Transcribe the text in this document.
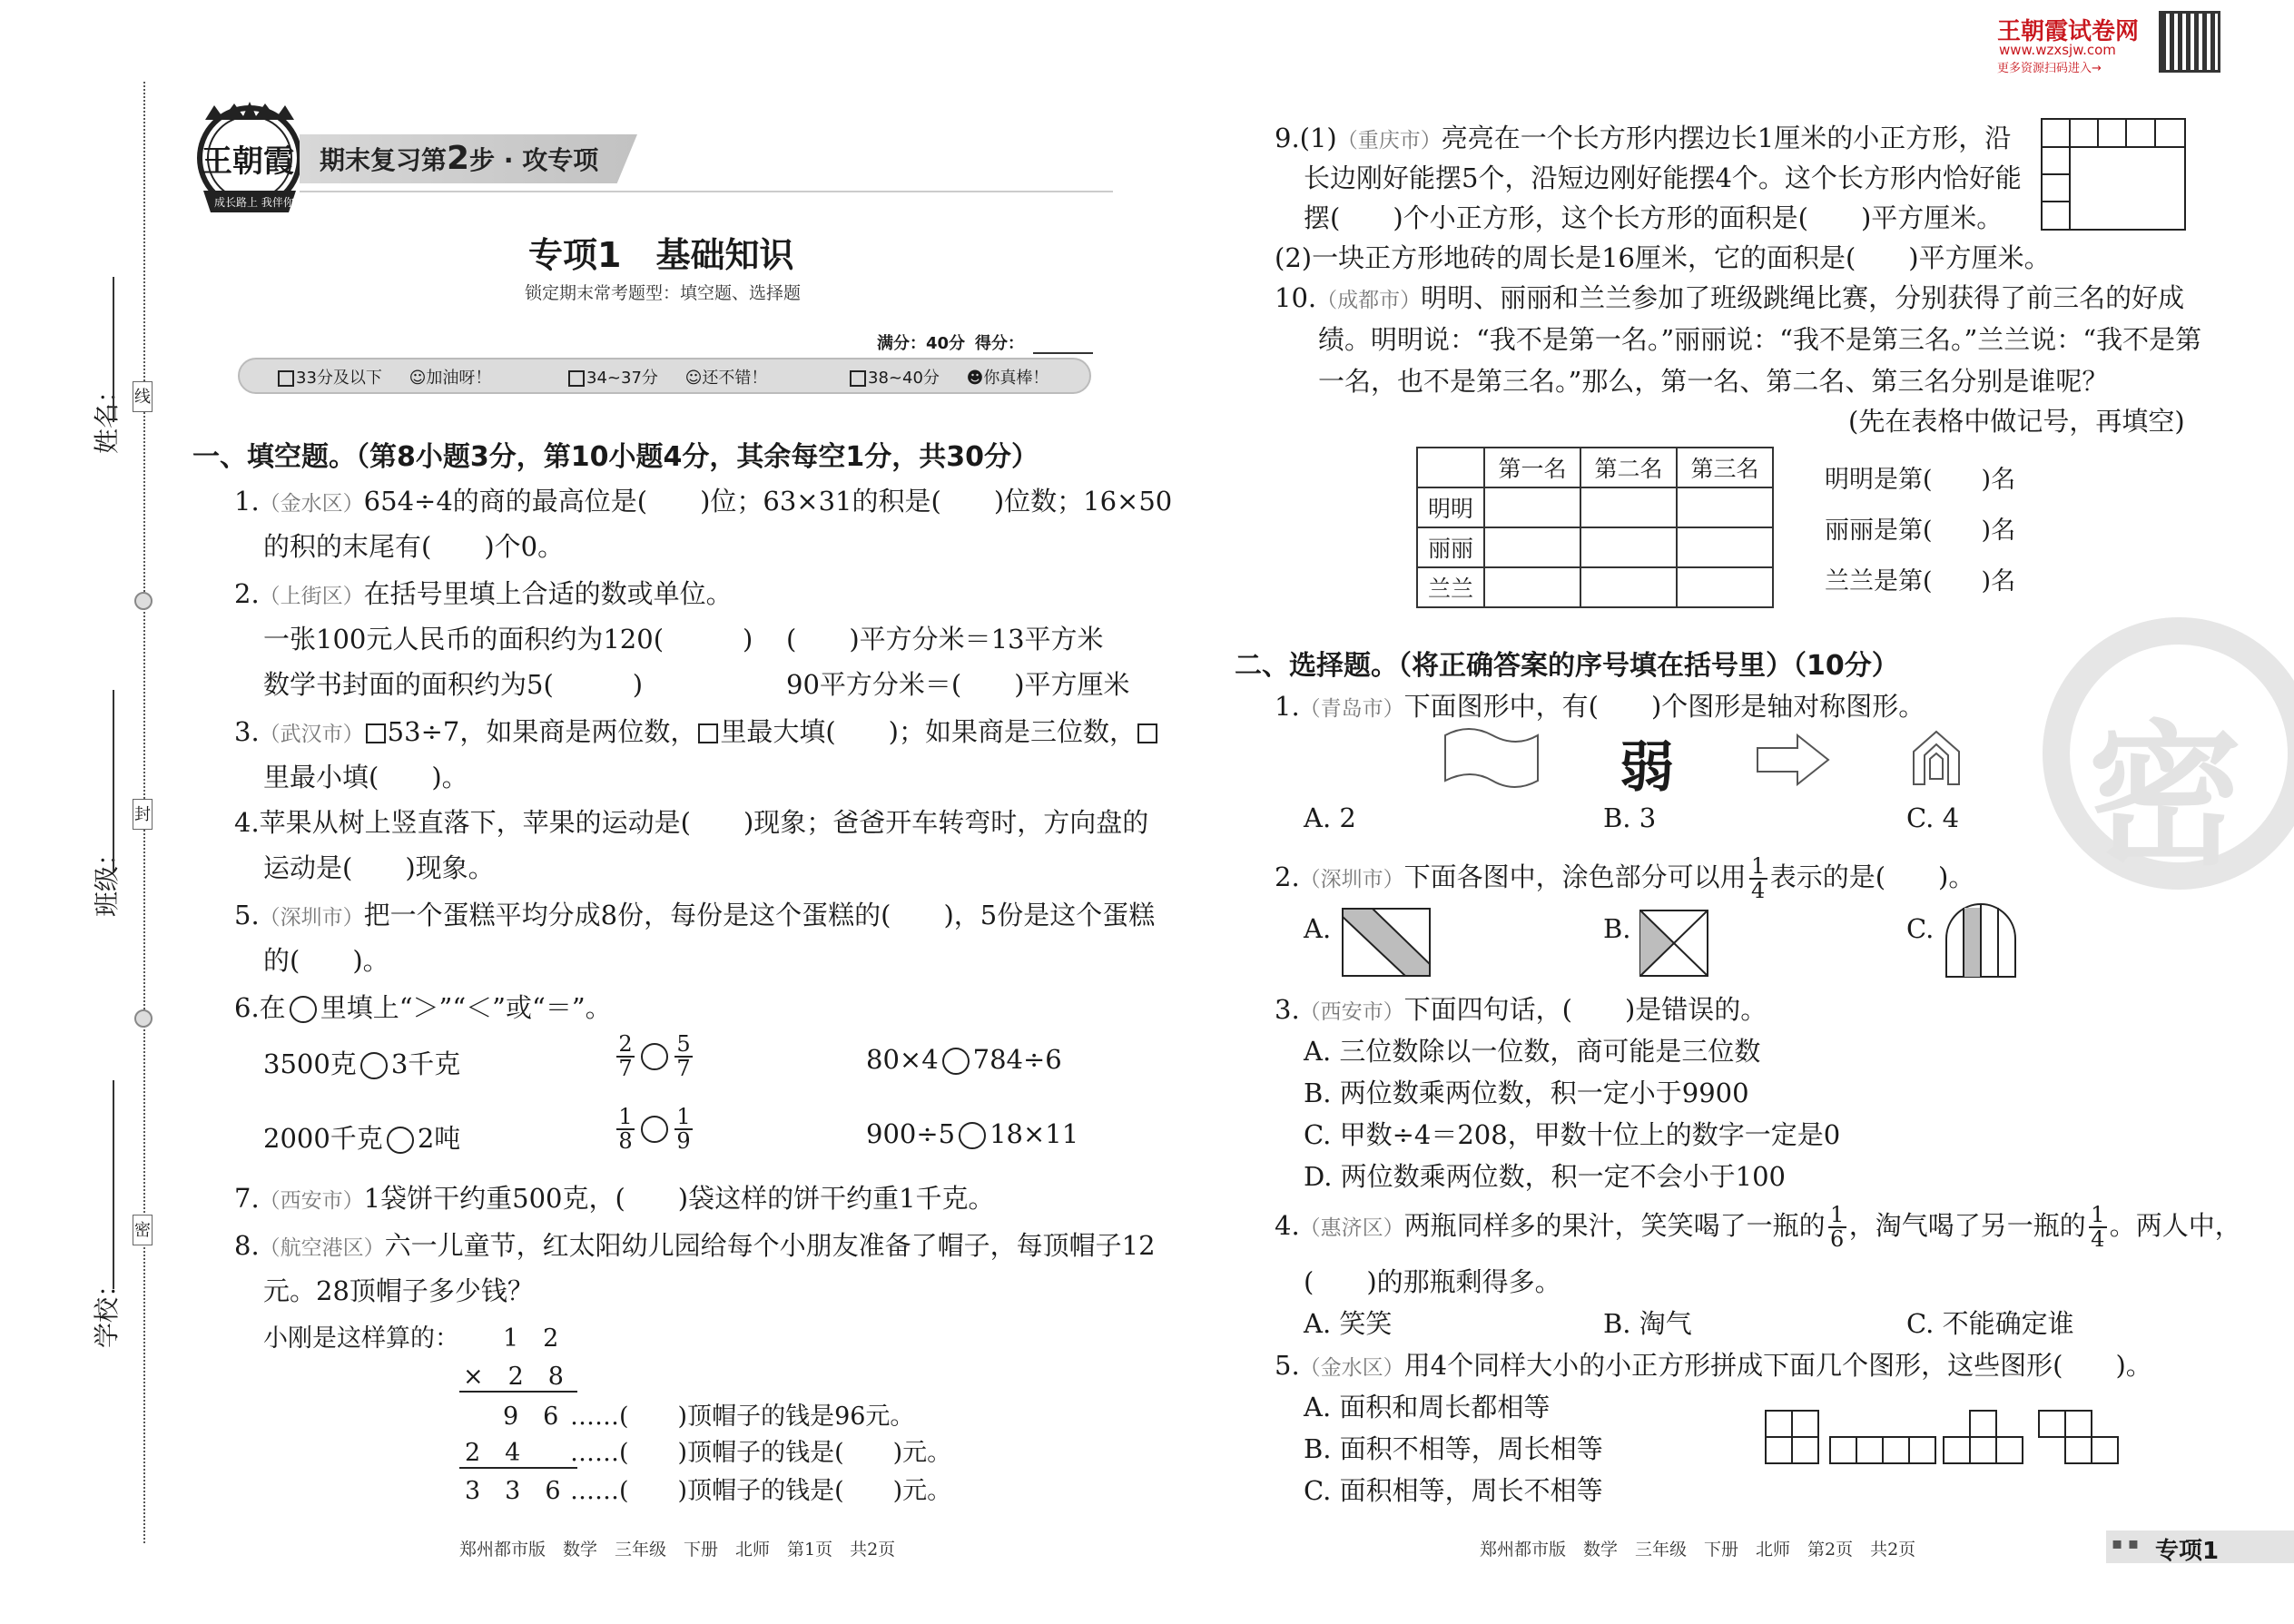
姓名： 线
班级：
封
学校：
密
王朝霞
成长路上 我伴你
期末复习第2步 · 攻专项
专项1　基础知识
锁定期末常考题型：填空题、选择题
满分：40分 得分：
33分及以下 ☺加油呀！	34~37分 ☺还不错！	38~40分 ☻你真棒！
王朝霞试卷网
www.wzxsjw.com
更多资源扫码进入→
密
一、填空题。（第8小题3分，第10小题4分，其余每空1分，共30分）
1.（金水区）654÷4的商的最高位是(　　)位；63×31的积是(　　)位数；16×50
的积的末尾有(　　)个0。
2.（上街区）在括号里填上合适的数或单位。
一张100元人民币的面积约为120(　　　) (　　)平方分米＝13平方米
数学书封面的面积约为5(　　　)	90平方分米＝(　　)平方厘米
3.（武汉市） 53÷7，如果商是两位数， 里最大填(　　)；如果商是三位数，
里最小填(　　)。
4.苹果从树上竖直落下，苹果的运动是(　　)现象；爸爸开车转弯时，方向盘的
运动是(　　)现象。
5.（深圳市）把一个蛋糕平均分成8份，每份是这个蛋糕的(　　)，5份是这个蛋糕
的(　　)。
6.在 里填上“＞”“＜”或“＝”。
3500克 3千克	$\frac{2}{7} \frac{5}{7}$	80×4 784÷6
2000千克 2吨	$\frac{1}{8} \frac{1}{9}$	900÷5 18×11
7.（西安市）1袋饼干约重500克，(　　)袋这样的饼干约重1千克。
8.（航空港区）六一儿童节，红太阳幼儿园给每个小朋友准备了帽子，每顶帽子12
元。28顶帽子多少钱？
小刚是这样算的： 1　2
×　2　8
9　6 ……(　　)顶帽子的钱是96元。
2　4 ……(　　)顶帽子的钱是(　　)元。
3　3　6 ……(　　)顶帽子的钱是(　　)元。
郑州都市版　数学　三年级　下册　北师　第1页　共2页
9.(1)（重庆市）亮亮在一个长方形内摆边长1厘米的小正方形，沿
长边刚好能摆5个，沿短边刚好能摆4个。这个长方形内恰好能
摆(　　)个小正方形，这个长方形的面积是(　　)平方厘米。
(2)一块正方形地砖的周长是16厘米，它的面积是(　　)平方厘米。
10.（成都市）明明、丽丽和兰兰参加了班级跳绳比赛，分别获得了前三名的好成
绩。明明说：“我不是第一名。”丽丽说：“我不是第三名。”兰兰说：“我不是第
一名，也不是第三名。”那么，第一名、第二名、第三名分别是谁呢？
(先在表格中做记号，再填空)
	第一名	第二名	第三名
明明			
丽丽			
兰兰			
明明是第(　　)名
丽丽是第(　　)名
兰兰是第(　　)名
二、选择题。（将正确答案的序号填在括号里）（10分）
1.（青岛市）下面图形中，有(　　)个图形是轴对称图形。
弱
A. 2	B. 3	C. 4
2.（深圳市）下面各图中，涂色部分可以用 $\frac{1}{4}$ 表示的是(　　)。
A.	B.	C.
3.（西安市）下面四句话，(　　)是错误的。
A. 三位数除以一位数，商可能是三位数
B. 两位数乘两位数，积一定小于9900
C. 甲数÷4＝208，甲数十位上的数字一定是0
D. 两位数乘两位数，积一定不会小于100
4.（惠济区）两瓶同样多的果汁，笑笑喝了一瓶的 $\frac{1}{6}$ ，淘气喝了另一瓶的 $\frac{1}{4}$ 。两人中，
(　　)的那瓶剩得多。
A. 笑笑	B. 淘气	C. 不能确定谁
5.（金水区）用4个同样大小的小正方形拼成下面几个图形，这些图形(　　)。
A. 面积和周长都相等
B. 面积不相等，周长相等
C. 面积相等，周长不相等
郑州都市版　数学　三年级　下册　北师　第2页　共2页	▪ ▪ 专项1
